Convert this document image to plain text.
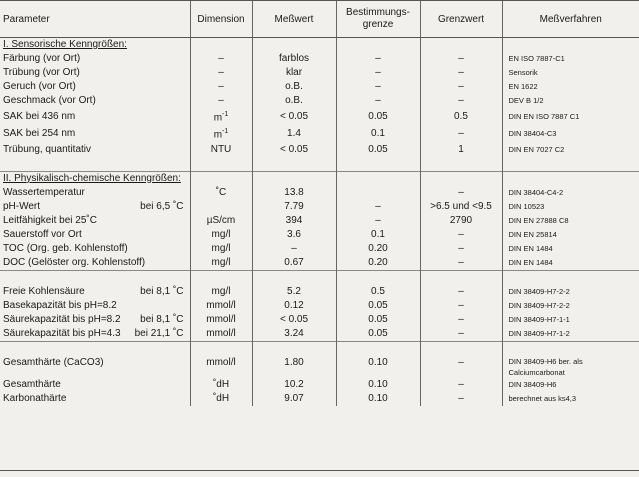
Parameter	Dimension	Meßwert	Bestimmungs-grenze	Grenzwert	Meßverfahren
I. Sensorische Kenngrößen:					
Färbung (vor Ort)	–	farblos	–	–	EN ISO 7887-C1
Trübung (vor Ort)	–	klar	–	–	Sensorik
Geruch (vor Ort)	–	o.B.	–	–	EN 1622
Geschmack (vor Ort)	–	o.B.	–	–	DEV B 1/2
SAK bei 436 nm	$m^{-1}$	< 0.05	0.05	0.5	DIN EN ISO 7887 C1
SAK bei 254 nm	$m^{-1}$	1.4	0.1	–	DIN 38404-C3
Trübung, quantitativ	NTU	< 0.05	0.05	1	DIN EN 7027 C2

II. Physikalisch-chemische Kenngrößen:					
Wassertemperatur	˚C	13.8		–	DIN 38404-C4-2

pH-Wert bei 6,5 ˚C		7.79	–	>6.5 und <9.5	DIN 10523
Leitfähigkeit bei 25˚C	µS/cm	394	–	2790	DIN EN 27888 C8
Sauerstoff vor Ort	mg/l	3.6	0.1	–	DIN EN 25814
TOC (Org. geb. Kohlenstoff)	mg/l	–	0.20	–	DIN EN 1484
DOC (Gelöster org. Kohlenstoff)	mg/l	0.67	0.20	–	DIN EN 1484

Freie Kohlensäure bei 8,1 ˚C	mg/l	5.2	0.5	–	DIN 38409-H7-2-2
Basekapazität bis pH=8.2	mmol/l	0.12	0.05	–	DIN 38409-H7-2-2

Säurekapazität bis pH=8.2 bei 8,1 ˚C	mmol/l	< 0.05	0.05	–	DIN 38409-H7-1-1

Säurekapazität bis pH=4.3 bei 21,1 ˚C	mmol/l	3.24	0.05	–	DIN 38409-H7-1-2

Gesamthärte (CaCO3)	mmol/l	1.80	0.10	–	DIN 38409-H6 ber. als Calciumcarbonat
Gesamthärte	˚dH	10.2	0.10	–	DIN 38409-H6
Karbonathärte	˚dH	9.07	0.10	–	berechnet aus ks4,3
